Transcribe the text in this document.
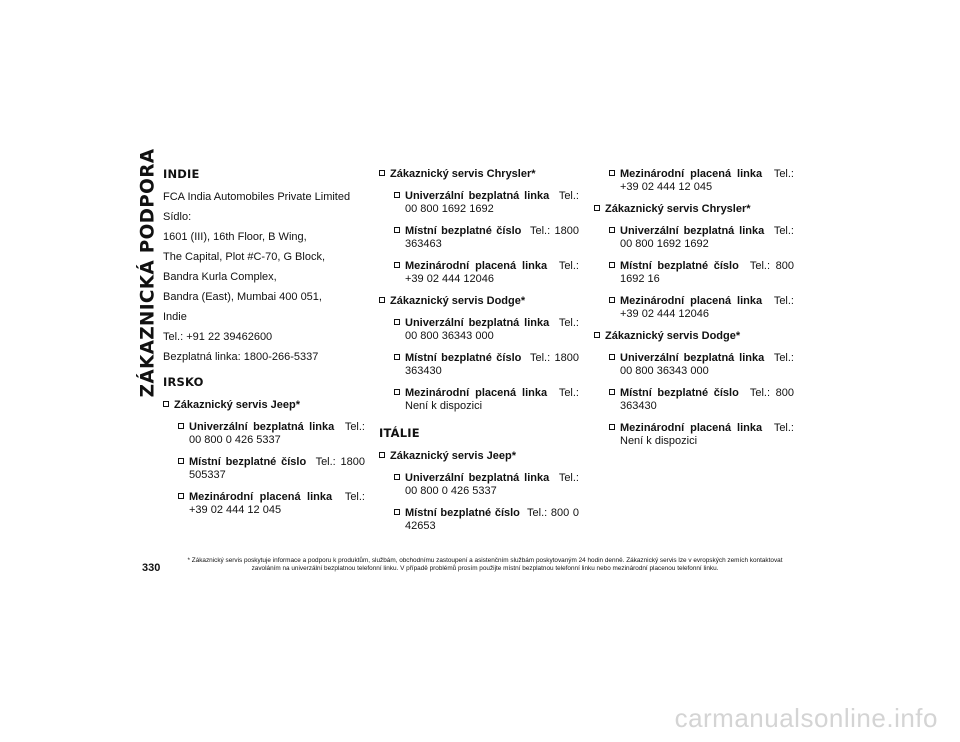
ZÁKAZNICKÁ PODPORA INDIE
FCA India Automobiles Private Limited
Sídlo:
1601 (III), 16th Floor, B Wing,
The Capital, Plot #C-70, G Block,
Bandra Kurla Complex,
Bandra (East), Mumbai 400 051,
Indie
Tel.: +91 22 39462600
Bezplatná linka: 1800-266-5337
IRSKO
Zákaznický servis Jeep*
Univerzální bezplatná linka Tel.: 00 800 0 426 5337
Místní bezplatné číslo Tel.: 1800 505337
Mezinárodní placená linka Tel.: +39 02 444 12 045
Zákaznický servis Chrysler*
Univerzální bezplatná linka Tel.: 00 800 1692 1692
Místní bezplatné číslo Tel.: 1800 363463
Mezinárodní placená linka Tel.: +39 02 444 12046
Zákaznický servis Dodge*
Univerzální bezplatná linka Tel.: 00 800 36343 000
Místní bezplatné číslo Tel.: 1800 363430
Mezinárodní placená linka Tel.: Není k dispozici
ITÁLIE
Zákaznický servis Jeep*
Univerzální bezplatná linka Tel.: 00 800 0 426 5337
Místní bezplatné číslo Tel.: 800 0 42653
Mezinárodní placená linka Tel.: +39 02 444 12 045
Zákaznický servis Chrysler*
Univerzální bezplatná linka Tel.: 00 800 1692 1692
Místní bezplatné číslo Tel.: 800 1692 16
Mezinárodní placená linka Tel.: +39 02 444 12046
Zákaznický servis Dodge*
Univerzální bezplatná linka Tel.: 00 800 36343 000
Místní bezplatné číslo Tel.: 800 363430
Mezinárodní placená linka Tel.: Není k dispozici
330
* Zákaznický servis poskytuje informace a podporu k produktům, službám, obchodnímu zastoupení a asistenčním službám poskytovaným 24 hodin denně. Zákaznický servis lze v evropských zemích kontaktovat zavoláním na univerzální bezplatnou telefonní linku. V případě problémů prosím použijte místní bezplatnou telefonní linku nebo mezinárodní placenou telefonní linku.
carmanualsonline.info
